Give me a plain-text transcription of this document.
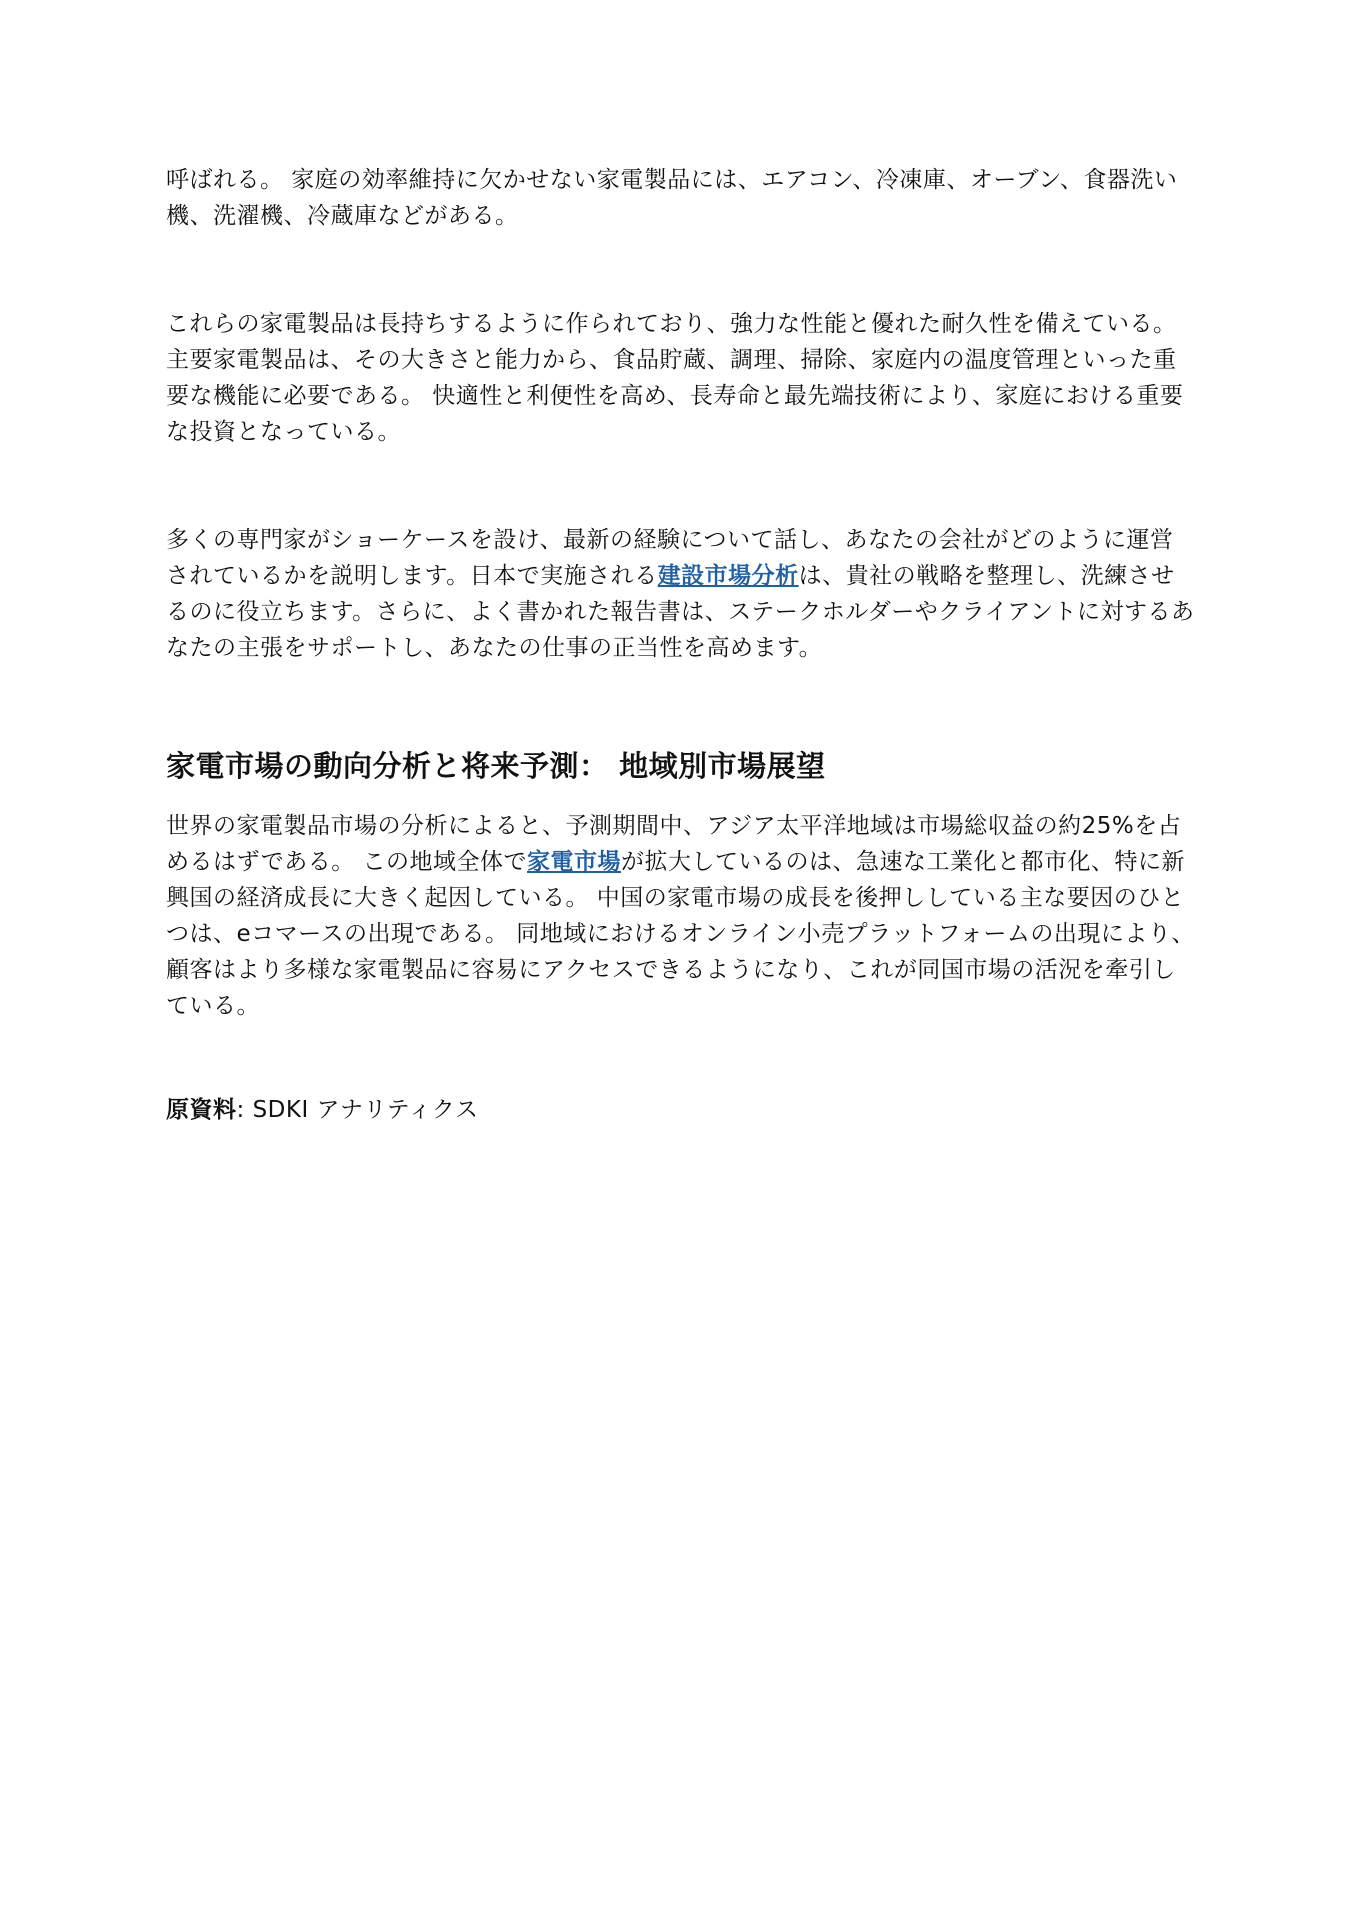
呼ばれる。 家庭の効率維持に欠かせない家電製品には、エアコン、冷凍庫、オーブン、食器洗い機、洗濯機、冷蔵庫などがある。

これらの家電製品は長持ちするように作られており、強力な性能と優れた耐久性を備えている。 主要家電製品は、その大きさと能力から、食品貯蔵、調理、掃除、家庭内の温度管理といった重要な機能に必要である。 快適性と利便性を高め、長寿命と最先端技術により、家庭における重要な投資となっている。

多くの専門家がショーケースを設け、最新の経験について話し、あなたの会社がどのように運営されているかを説明します。日本で実施される建設市場分析は、貴社の戦略を整理し、洗練させるのに役立ちます。さらに、よく書かれた報告書は、ステークホルダーやクライアントに対するあなたの主張をサポートし、あなたの仕事の正当性を高めます。

家電市場の動向分析と将来予測： 地域別市場展望

世界の家電製品市場の分析によると、予測期間中、アジア太平洋地域は市場総収益の約25%を占めるはずである。 この地域全体で家電市場が拡大しているのは、急速な工業化と都市化、特に新興国の経済成長に大きく起因している。 中国の家電市場の成長を後押ししている主な要因のひとつは、eコマースの出現である。 同地域におけるオンライン小売プラットフォームの出現により、顧客はより多様な家電製品に容易にアクセスできるようになり、これが同国市場の活況を牽引している。

原資料: SDKI アナリティクス
